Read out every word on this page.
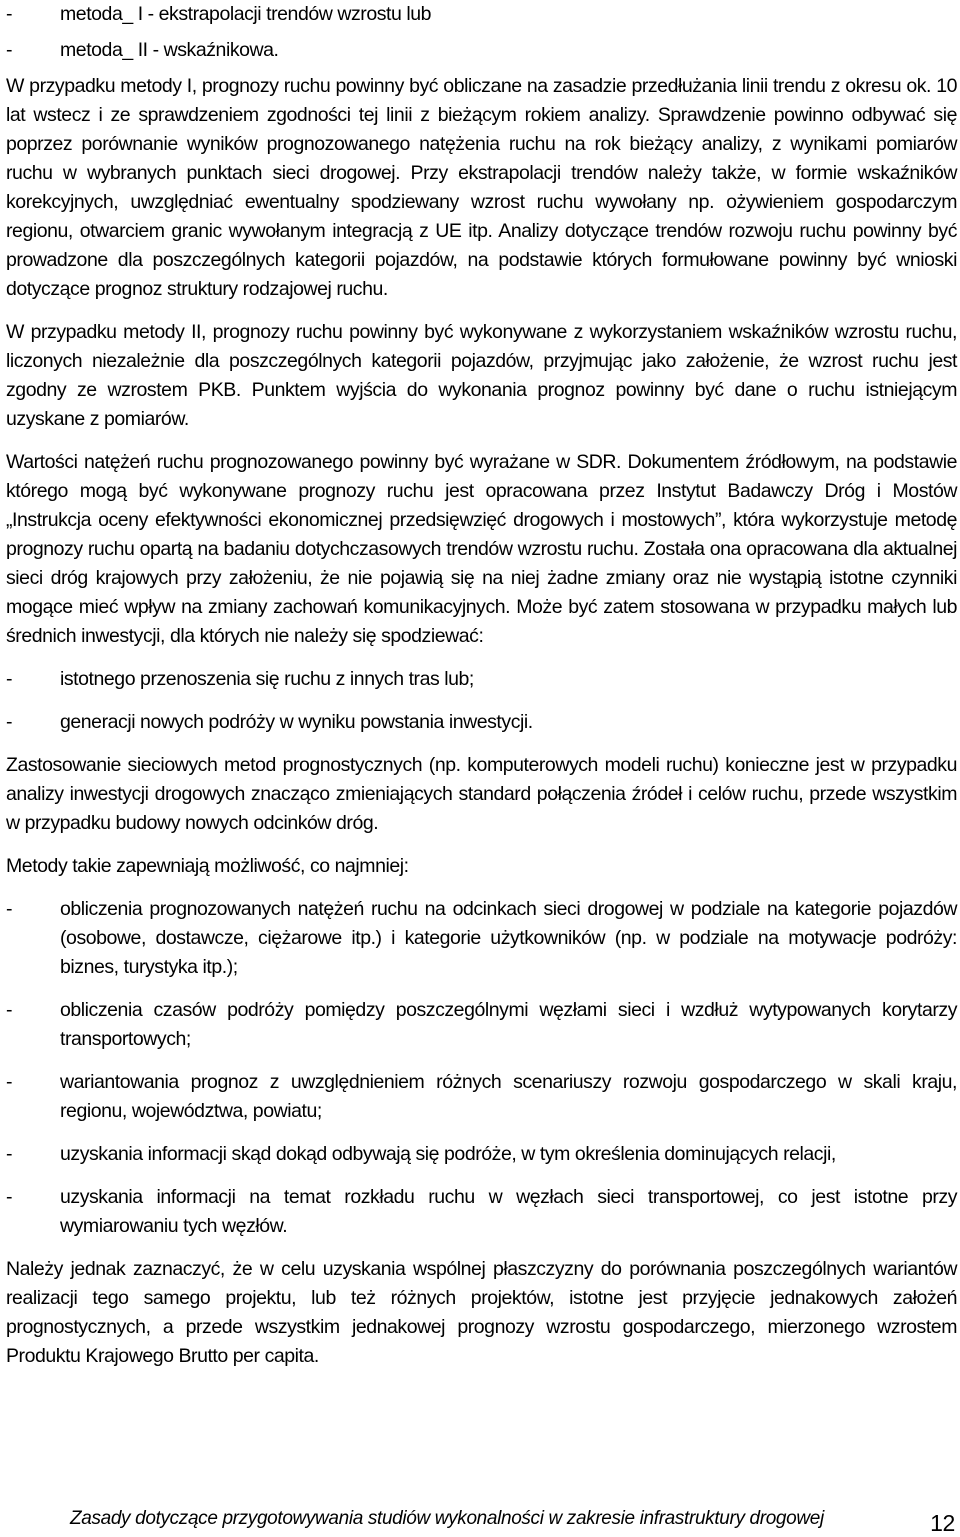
-	metoda_ I - ekstrapolacji trendów wzrostu lub
-	metoda_ II - wskaźnikowa.

W przypadku metody I, prognozy ruchu powinny być obliczane na zasadzie przedłużania linii trendu z okresu ok. 10 lat wstecz i ze sprawdzeniem zgodności tej linii z bieżącym rokiem analizy. Sprawdzenie powinno odbywać się poprzez porównanie wyników prognozowanego natężenia ruchu na rok bieżący analizy, z wynikami pomiarów ruchu w wybranych punktach sieci drogowej. Przy ekstrapolacji trendów należy także, w formie wskaźników korekcyjnych, uwzględniać ewentualny spodziewany wzrost ruchu wywołany np. ożywieniem gospodarczym regionu, otwarciem granic wywołanym integracją z UE itp. Analizy dotyczące trendów rozwoju ruchu powinny być prowadzone dla poszczególnych kategorii pojazdów, na podstawie których formułowane powinny być wnioski dotyczące prognoz struktury rodzajowej ruchu.

W przypadku metody II, prognozy ruchu powinny być wykonywane z wykorzystaniem wskaźników wzrostu ruchu, liczonych niezależnie dla poszczególnych kategorii pojazdów, przyjmując jako założenie, że wzrost ruchu jest zgodny ze wzrostem PKB. Punktem wyjścia do wykonania prognoz powinny być dane o ruchu istniejącym uzyskane z pomiarów.

Wartości natężeń ruchu prognozowanego powinny być wyrażane w SDR. Dokumentem źródłowym, na podstawie którego mogą być wykonywane prognozy ruchu jest opracowana przez Instytut Badawczy Dróg i Mostów „Instrukcja oceny efektywności ekonomicznej przedsięwzięć drogowych i mostowych”, która wykorzystuje metodę prognozy ruchu opartą na badaniu dotychczasowych trendów wzrostu ruchu. Została ona opracowana dla aktualnej sieci dróg krajowych przy założeniu, że nie pojawią się na niej żadne zmiany oraz nie wystąpią istotne czynniki mogące mieć wpływ na zmiany zachowań komunikacyjnych. Może być zatem stosowana w przypadku małych lub średnich inwestycji, dla których nie należy się spodziewać:

-	istotnego przenoszenia się ruchu z innych tras lub;
-	generacji nowych podróży w wyniku powstania inwestycji.

Zastosowanie sieciowych metod prognostycznych (np. komputerowych modeli ruchu) konieczne jest w przypadku analizy inwestycji drogowych znacząco zmieniających standard połączenia źródeł i celów ruchu, przede wszystkim w przypadku budowy nowych odcinków dróg.

Metody takie zapewniają możliwość, co najmniej:

-	obliczenia prognozowanych natężeń ruchu na odcinkach sieci drogowej w podziale na kategorie pojazdów (osobowe, dostawcze, ciężarowe itp.) i kategorie użytkowników (np. w podziale na motywacje podróży: biznes, turystyka itp.);
-	obliczenia czasów podróży pomiędzy poszczególnymi węzłami sieci i wzdłuż wytypowanych korytarzy transportowych;
-	wariantowania prognoz z uwzględnieniem różnych scenariuszy rozwoju gospodarczego w skali kraju, regionu, województwa, powiatu;
-	uzyskania informacji skąd dokąd odbywają się podróże, w tym określenia dominujących relacji,
-	uzyskania informacji na temat rozkładu ruchu w węzłach sieci transportowej, co jest istotne przy wymiarowaniu tych węzłów.

Należy jednak zaznaczyć, że w celu uzyskania wspólnej płaszczyzny do porównania poszczególnych wariantów realizacji tego samego projektu, lub też różnych projektów, istotne jest przyjęcie jednakowych założeń prognostycznych, a przede wszystkim jednakowej prognozy wzrostu gospodarczego, mierzonego wzrostem Produktu Krajowego Brutto per capita.

Zasady dotyczące przygotowywania studiów wykonalności w zakresie infrastruktury drogowej	12
